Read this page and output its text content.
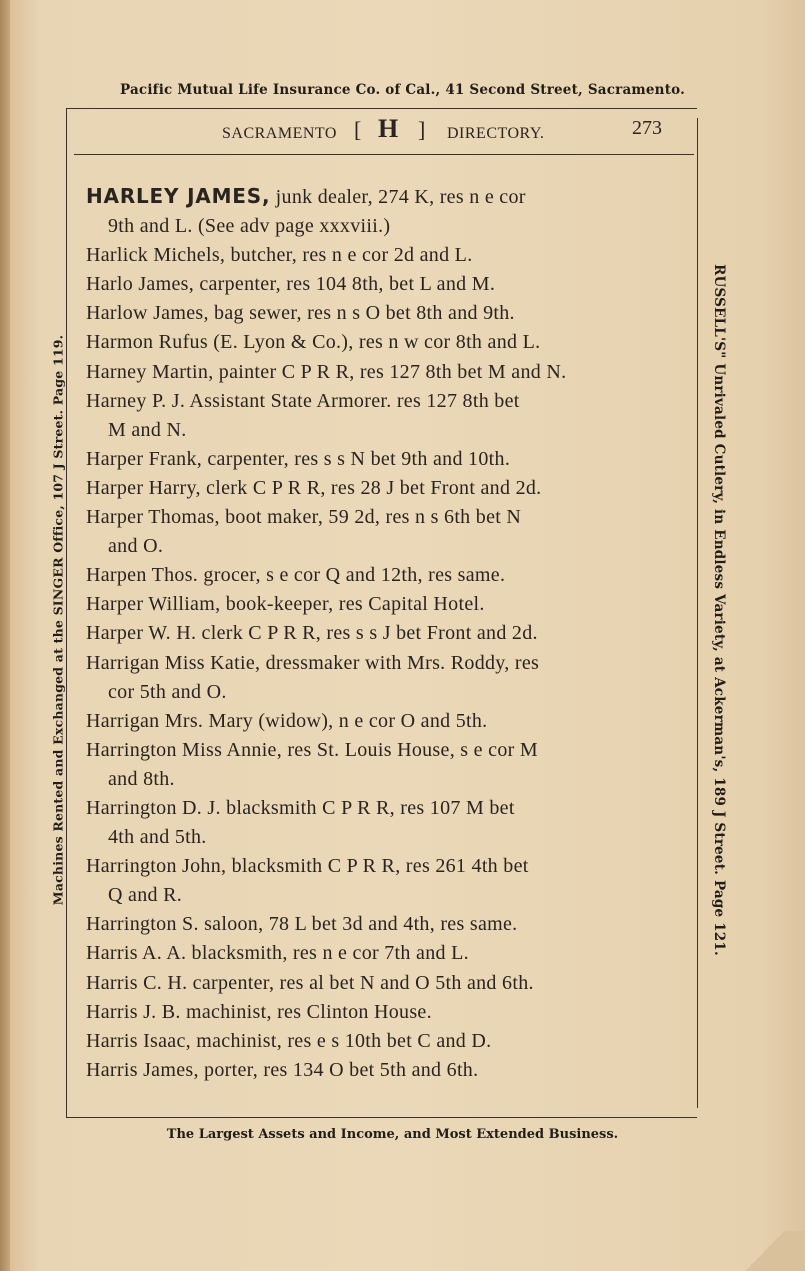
Pacific Mutual Life Insurance Co. of Cal., 41 Second Street, Sacramento.
Machines Rented and Exchanged at the SINGER Office, 107 J Street. Page 119.	RUSSELL'S" Unrivaled Cutlery, in Endless Variety, at Ackerman's, 189 J Street. Page 121.
SACRAMENTO [ H ] DIRECTORY.	273
HARLEY JAMES, junk dealer, 274 K, res n e cor
9th and L. (See adv page xxxviii.)
Harlick Michels, butcher, res n e cor 2d and L.
Harlo James, carpenter, res 104 8th, bet L and M.
Harlow James, bag sewer, res n s O bet 8th and 9th.
Harmon Rufus (E. Lyon & Co.), res n w cor 8th and L.
Harney Martin, painter C P R R, res 127 8th bet M and N.
Harney P. J. Assistant State Armorer. res 127 8th bet
M and N.
Harper Frank, carpenter, res s s N bet 9th and 10th.
Harper Harry, clerk C P R R, res 28 J bet Front and 2d.
Harper Thomas, boot maker, 59 2d, res n s 6th bet N
and O.
Harpen Thos. grocer, s e cor Q and 12th, res same.
Harper William, book-keeper, res Capital Hotel.
Harper W. H. clerk C P R R, res s s J bet Front and 2d.
Harrigan Miss Katie, dressmaker with Mrs. Roddy, res
cor 5th and O.
Harrigan Mrs. Mary (widow), n e cor O and 5th.
Harrington Miss Annie, res St. Louis House, s e cor M
and 8th.
Harrington D. J. blacksmith C P R R, res 107 M bet
4th and 5th.
Harrington John, blacksmith C P R R, res 261 4th bet
Q and R.
Harrington S. saloon, 78 L bet 3d and 4th, res same.
Harris A. A. blacksmith, res n e cor 7th and L.
Harris C. H. carpenter, res al bet N and O 5th and 6th.
Harris J. B. machinist, res Clinton House.
Harris Isaac, machinist, res e s 10th bet C and D.
Harris James, porter, res 134 O bet 5th and 6th.
The Largest Assets and Income, and Most Extended Business.
